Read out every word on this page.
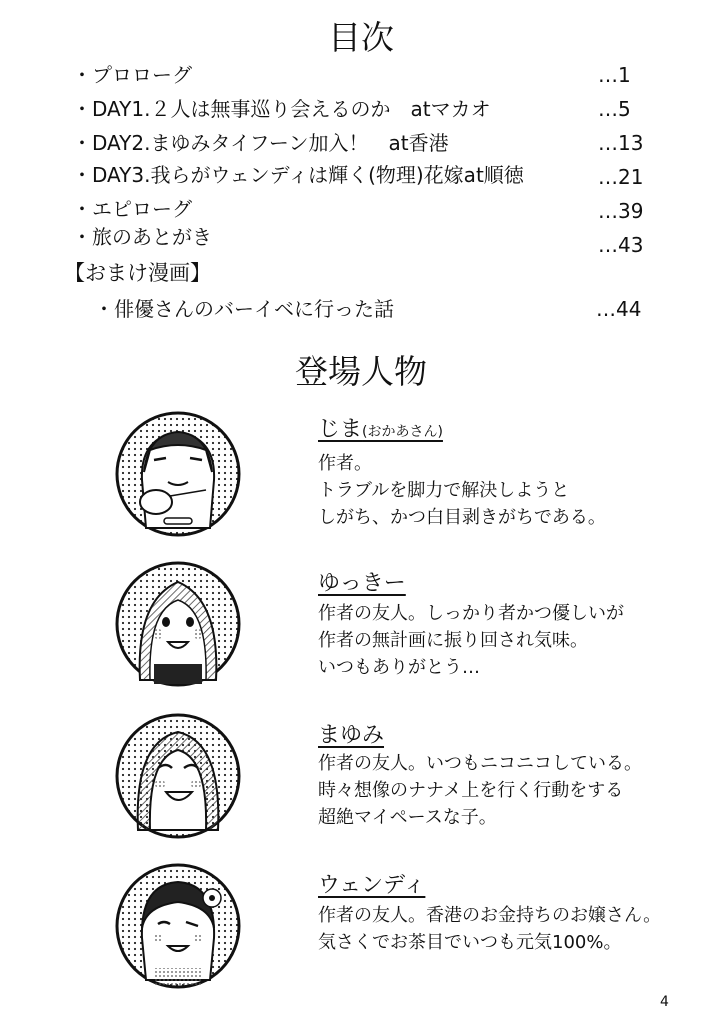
目次
・プロローグ	…1
・DAY1.２人は無事巡り会えるのか　atマカオ	…5
・DAY2.まゆみタイフーン加入！　at香港	…13
・DAY3.我らがウェンディは輝く(物理)花嫁at順徳	…21
・エピローグ	…39
・旅のあとがき	…43
【おまけ漫画】
・俳優さんのバーイベに行った話	…44
登場人物
じま(おかあさん)
作者。
トラブルを脚力で解決しようと
しがち、かつ白目剥きがちである。
ゆっきー
作者の友人。しっかり者かつ優しいが
作者の無計画に振り回され気味。
いつもありがとう…
まゆみ
作者の友人。いつもニコニコしている。
時々想像のナナメ上を行く行動をする
超絶マイペースな子。
ウェンディ
作者の友人。香港のお金持ちのお嬢さん。
気さくでお茶目でいつも元気100%。
4
